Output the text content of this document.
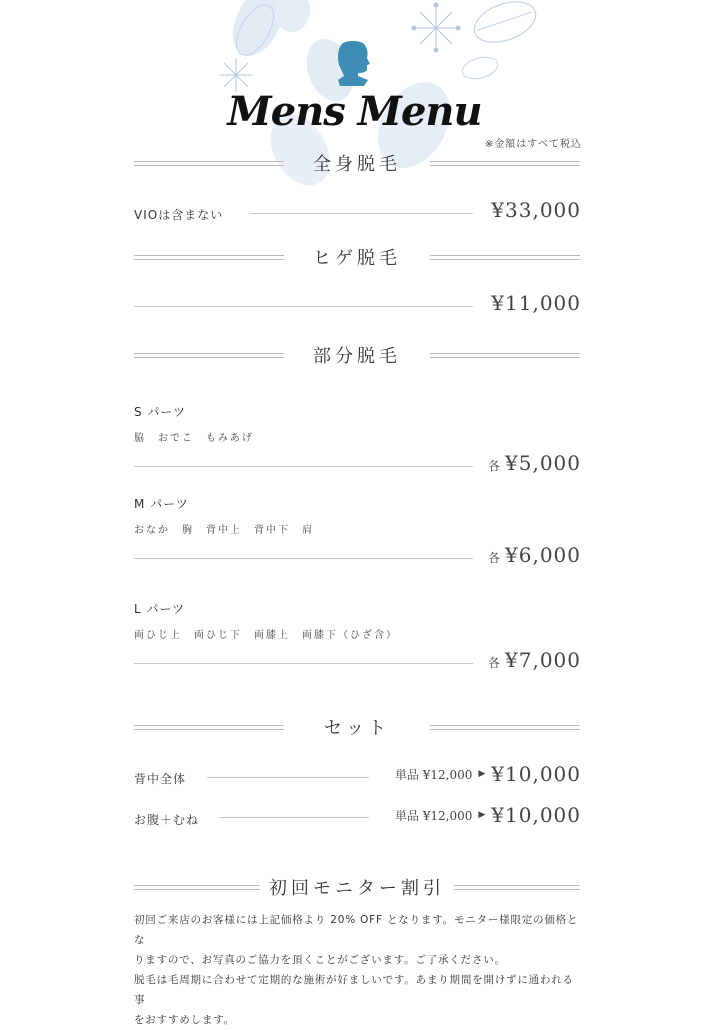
Mens Menu
※金額はすべて税込
全身脱毛
VIOは含まない	¥33,000
ヒゲ脱毛
¥11,000
部分脱毛
S パーツ
脇　おでこ　もみあげ
各 ¥5,000
M パーツ
おなか　胸　背中上　背中下　肩
各 ¥6,000
L パーツ
両ひじ上　両ひじ下　両膝上　両膝下（ひざ含）
各 ¥7,000
セット
背中全体	単品 ¥12,000 ▶ ¥10,000
お腹＋むね	単品 ¥12,000 ▶ ¥10,000
初回モニター割引

初回ご来店のお客様には上記価格より 20% OFF となります。モニター様限定の価格とな

りますので、お写真のご協力を頂くことがございます。ご了承ください。

脱毛は毛周期に合わせて定期的な施術が好ましいです。あまり期間を開けずに通われる事

をおすすめします。
